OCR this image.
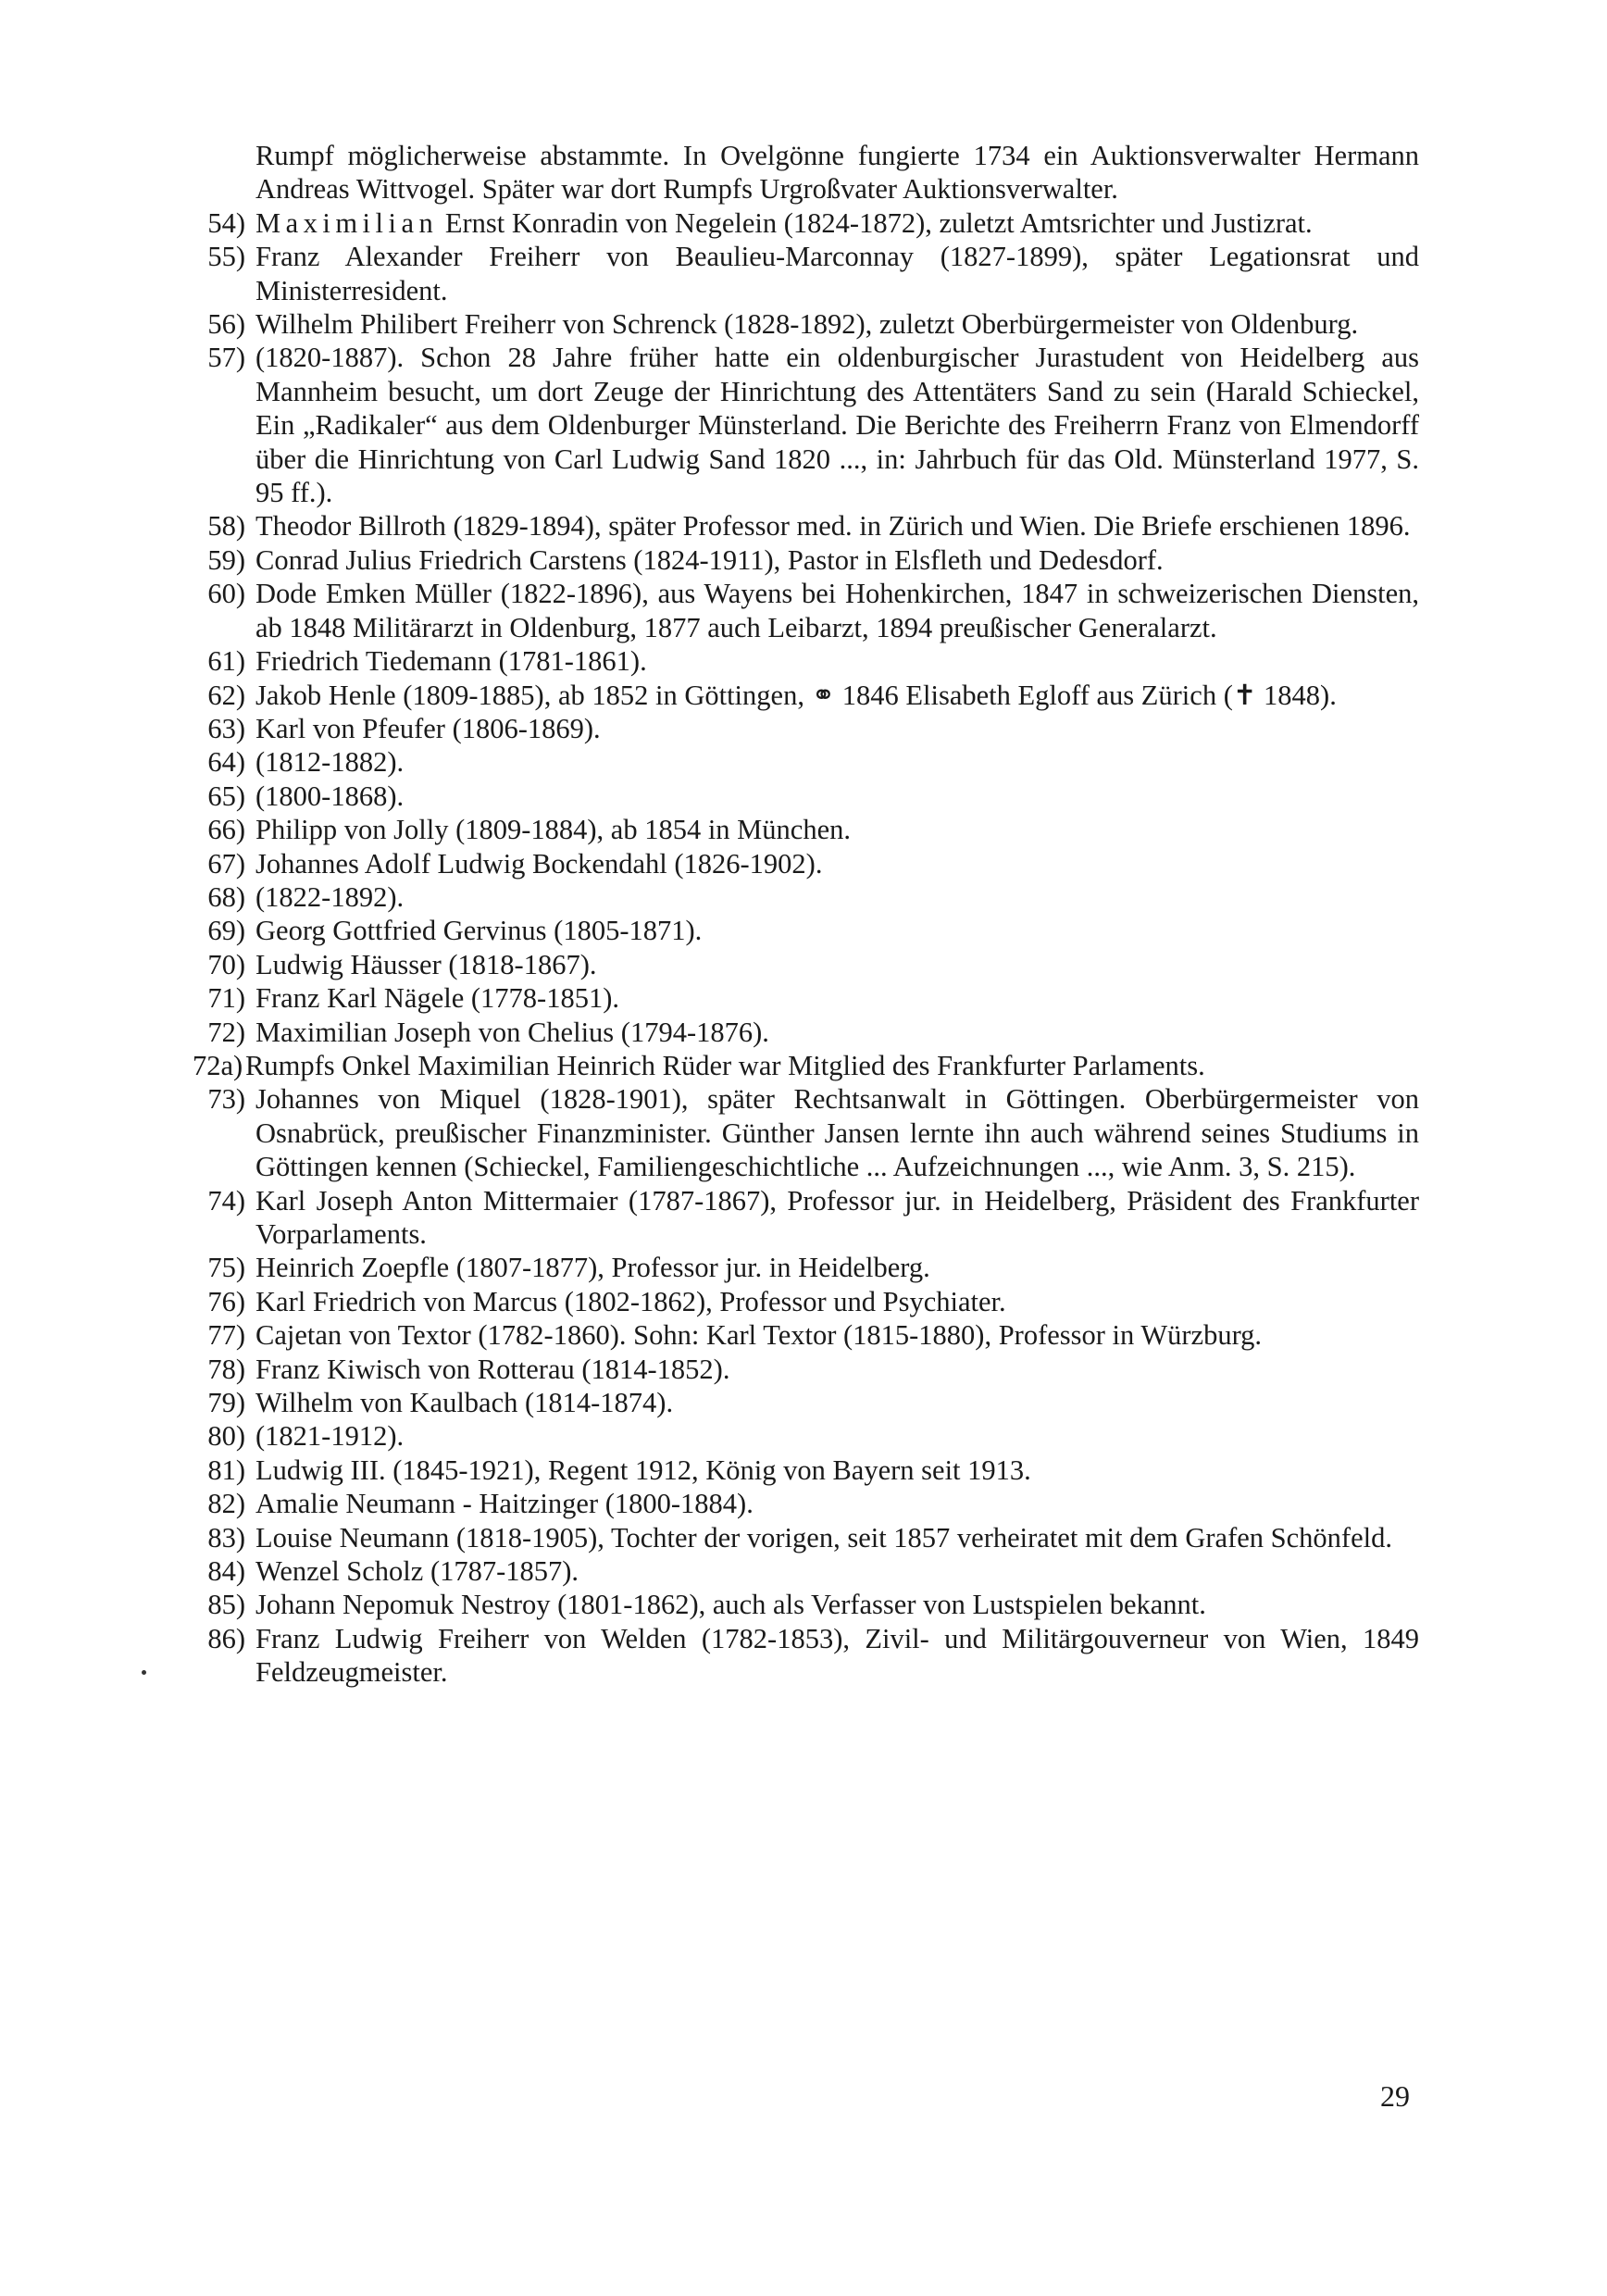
Rumpf möglicherweise abstammte. In Ovelgönne fungierte 1734 ein Auktionsverwalter Hermann Andreas Wittvogel. Später war dort Rumpfs Urgroßvater Auktionsverwalter.
54) Maximilian Ernst Konradin von Negelein (1824-1872), zuletzt Amtsrichter und Justizrat.
55) Franz Alexander Freiherr von Beaulieu-Marconnay (1827-1899), später Legationsrat und Ministerresident.
56) Wilhelm Philibert Freiherr von Schrenck (1828-1892), zuletzt Oberbürgermeister von Oldenburg.
57) (1820-1887). Schon 28 Jahre früher hatte ein oldenburgischer Jurastudent von Heidelberg aus Mannheim besucht, um dort Zeuge der Hinrichtung des Attentäters Sand zu sein (Harald Schieckel, Ein „Radikaler“ aus dem Oldenburger Münsterland. Die Berichte des Freiherrn Franz von Elmendorff über die Hinrichtung von Carl Ludwig Sand 1820 ..., in: Jahrbuch für das Old. Münsterland 1977, S. 95 ff.).
58) Theodor Billroth (1829-1894), später Professor med. in Zürich und Wien. Die Briefe erschienen 1896.
59) Conrad Julius Friedrich Carstens (1824-1911), Pastor in Elsfleth und Dedesdorf.
60) Dode Emken Müller (1822-1896), aus Wayens bei Hohenkirchen, 1847 in schweizerischen Diensten, ab 1848 Militärarzt in Oldenburg, 1877 auch Leibarzt, 1894 preußischer Generalarzt.
61) Friedrich Tiedemann (1781-1861).
62) Jakob Henle (1809-1885), ab 1852 in Göttingen, ⚭ 1846 Elisabeth Egloff aus Zürich (✝ 1848).
63) Karl von Pfeufer (1806-1869).
64) (1812-1882).
65) (1800-1868).
66) Philipp von Jolly (1809-1884), ab 1854 in München.
67) Johannes Adolf Ludwig Bockendahl (1826-1902).
68) (1822-1892).
69) Georg Gottfried Gervinus (1805-1871).
70) Ludwig Häusser (1818-1867).
71) Franz Karl Nägele (1778-1851).
72) Maximilian Joseph von Chelius (1794-1876).
72a) Rumpfs Onkel Maximilian Heinrich Rüder war Mitglied des Frankfurter Parlaments.
73) Johannes von Miquel (1828-1901), später Rechtsanwalt in Göttingen. Oberbürgermeister von Osnabrück, preußischer Finanzminister. Günther Jansen lernte ihn auch während seines Studiums in Göttingen kennen (Schieckel, Familiengeschichtliche ... Aufzeichnungen ..., wie Anm. 3, S. 215).
74) Karl Joseph Anton Mittermaier (1787-1867), Professor jur. in Heidelberg, Präsident des Frankfurter Vorparlaments.
75) Heinrich Zoepfle (1807-1877), Professor jur. in Heidelberg.
76) Karl Friedrich von Marcus (1802-1862), Professor und Psychiater.
77) Cajetan von Textor (1782-1860). Sohn: Karl Textor (1815-1880), Professor in Würzburg.
78) Franz Kiwisch von Rotterau (1814-1852).
79) Wilhelm von Kaulbach (1814-1874).
80) (1821-1912).
81) Ludwig III. (1845-1921), Regent 1912, König von Bayern seit 1913.
82) Amalie Neumann - Haitzinger (1800-1884).
83) Louise Neumann (1818-1905), Tochter der vorigen, seit 1857 verheiratet mit dem Grafen Schönfeld.
84) Wenzel Scholz (1787-1857).
85) Johann Nepomuk Nestroy (1801-1862), auch als Verfasser von Lustspielen bekannt.
86) Franz Ludwig Freiherr von Welden (1782-1853), Zivil- und Militärgouverneur von Wien, 1849 Feldzeugmeister.
29
